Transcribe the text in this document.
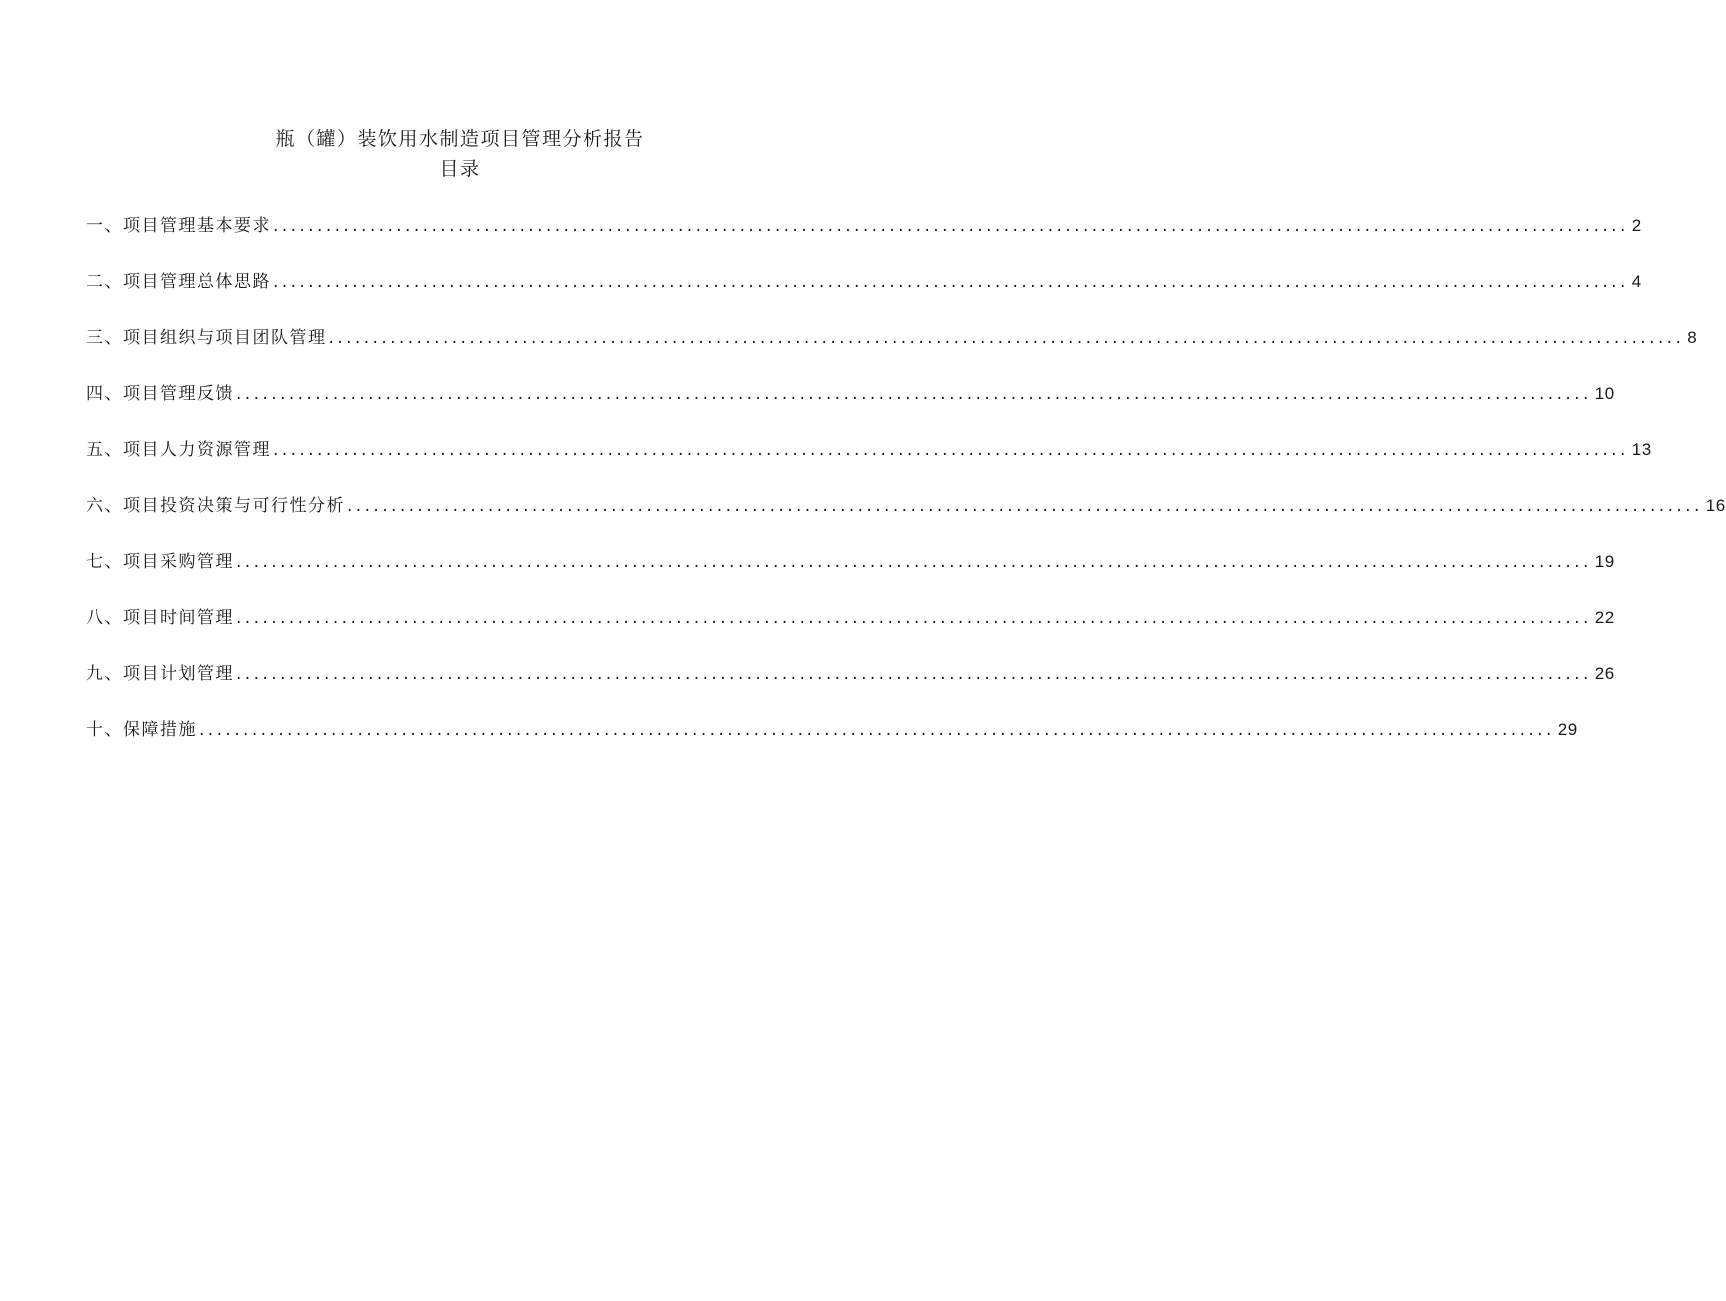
瓶（罐）装饮用水制造项目管理分析报告
目录
一、项目管理基本要求 .......................................................................................................................................................... 2
二、项目管理总体思路 .......................................................................................................................................................... 4
三、项目组织与项目团队管理 .......................................................................................................................................................... 8
四、项目管理反馈 .......................................................................................................................................................... 10
五、项目人力资源管理 .......................................................................................................................................................... 13
六、项目投资决策与可行性分析 .......................................................................................................................................................... 16
七、项目采购管理 .......................................................................................................................................................... 19
八、项目时间管理 .......................................................................................................................................................... 22
九、项目计划管理 .......................................................................................................................................................... 26
十、保障措施 .......................................................................................................................................................... 29
